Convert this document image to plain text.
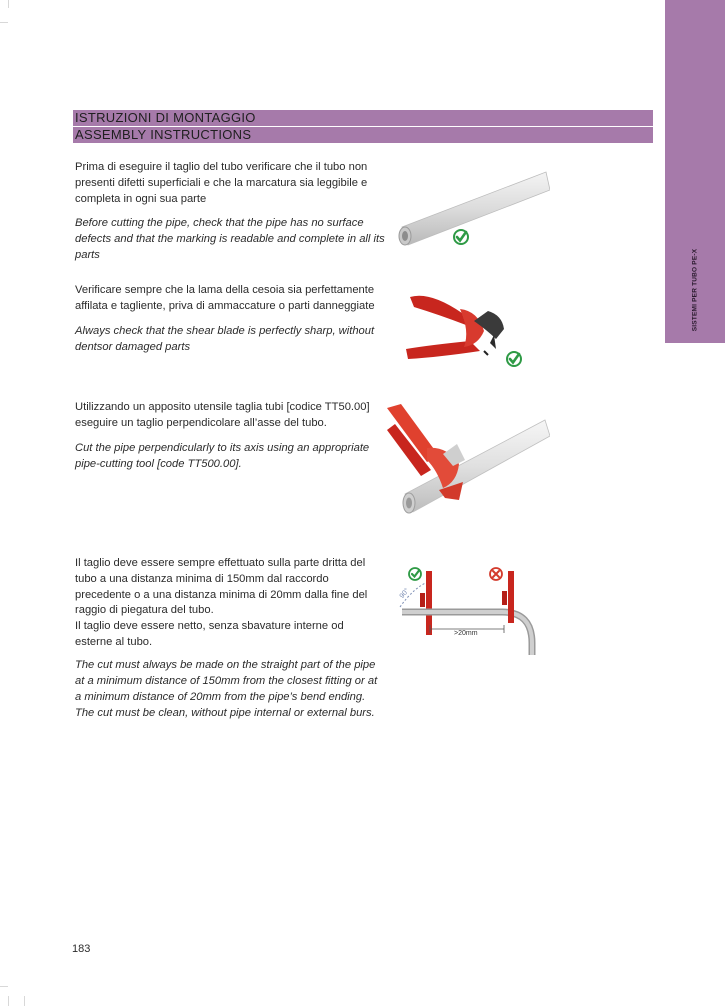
SISTEMI PER TUBO PE-X
ISTRUZIONI DI MONTAGGIO
ASSEMBLY INSTRUCTIONS

Prima di eseguire il taglio del tubo verificare che il tubo non presenti difetti superficiali e che la marcatura sia leggibile e completa in ogni sua parte

Before cutting the pipe, check that the pipe has no surface defects and that the marking is readable and complete in all its parts

Verificare sempre che la lama della cesoia sia perfettamente affilata e tagliente, priva di ammaccature o parti danneggiate

Always check that the shear blade is perfectly sharp, without dentsor damaged parts

Utilizzando un apposito utensile taglia tubi [codice TT50.00] eseguire un taglio perpendicolare all’asse del tubo.

Cut the pipe perpendicularly to its axis using an appropriate pipe-cutting tool [code TT500.00].

Il taglio deve essere sempre effettuato sulla parte dritta del tubo a una distanza minima di 150mm dal raccordo precedente o a una distanza minima di 20mm dalla fine del raggio di piegatura del tubo.

Il taglio deve essere netto, senza sbavature interne od esterne al tubo.

The cut must always be made on the straight part of the pipe at a minimum distance of 150mm from the closest fitting or at a minimum distance of 20mm from the pipe’s bend ending.

The cut must be clean, without pipe internal or external burs.

90°
>20mm
183
